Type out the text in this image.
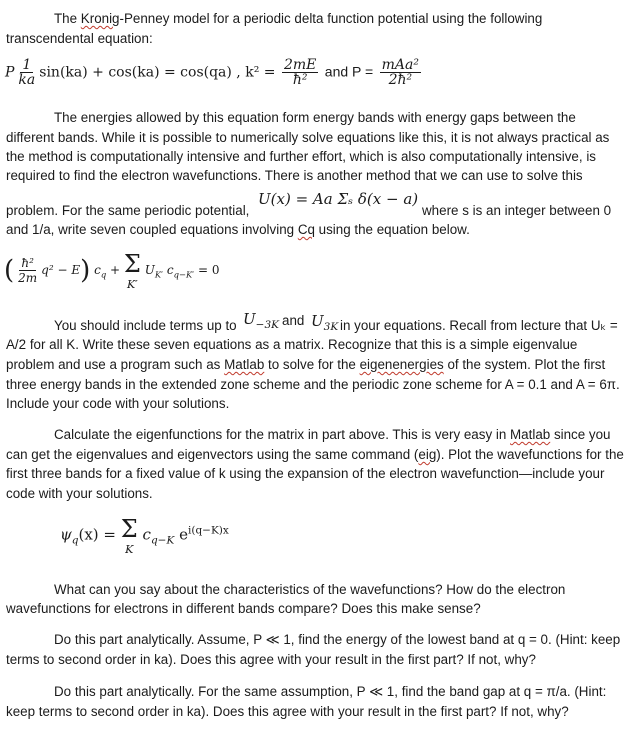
The Kronig-Penney model for a periodic delta function potential using the following
transcendental equation:
P $\frac{1}{ka} \sin(ka) + \cos(ka) = \cos(qa)$ , $k^2 = \frac{2mE}{\text{ħ²}}$ and $P = \frac{\text{mAa²}}{\text{2ħ²}}$
The energies allowed by this equation form energy bands with energy gaps between the
different bands. While it is possible to numerically solve equations like this, it is not always practical as
the method is computationally intensive and further effort, which is also computationally intensive, is
required to find the electron wavefunctions. There is another method that we can use to solve this
problem. For the same periodic potential,
U(x) = Aa Σₛ δ(x − a)
where s is an integer between 0
and 1/a, write seven coupled equations involving Cq using the equation below.
( $\frac{\text{ħ²}}{2m} q^2 - E$) $c_q + \Sigma$
K′
$U_{K'}$ $c_{q-K'} = 0$
You should include terms up to $U_{-3K}$ and $U_{3K}$ in your equations. Recall from lecture that Uₖ =
A/2 for all K. Write these seven equations as a matrix. Recognize that this is a simple eigenvalue
problem and use a program such as Matlab to solve for the eigenenergies of the system. Plot the first
three energy bands in the extended zone scheme and the periodic zone scheme for A = 0.1 and A = 6π.
Include your code with your solutions.
Calculate the eigenfunctions for the matrix in part above. This is very easy in Matlab since you
can get the eigenvalues and eigenvectors using the same command (eig). Plot the wavefunctions for the
first three bands for a fixed value of k using the expansion of the electron wavefunction—include your
code with your solutions.
$\psi_q(x) = \Sigma$
K
$c_{q-K}$ $e^{i(q-K)x}$
What can you say about the characteristics of the wavefunctions? How do the electron
wavefunctions for electrons in different bands compare? Does this make sense?
Do this part analytically. Assume, P ≪ 1, find the energy of the lowest band at q = 0. (Hint: keep
terms to second order in ka). Does this agree with your result in the first part? If not, why?
Do this part analytically. For the same assumption, P ≪ 1, find the band gap at q = π/a. (Hint:
keep terms to second order in ka). Does this agree with your result in the first part? If not, why?
